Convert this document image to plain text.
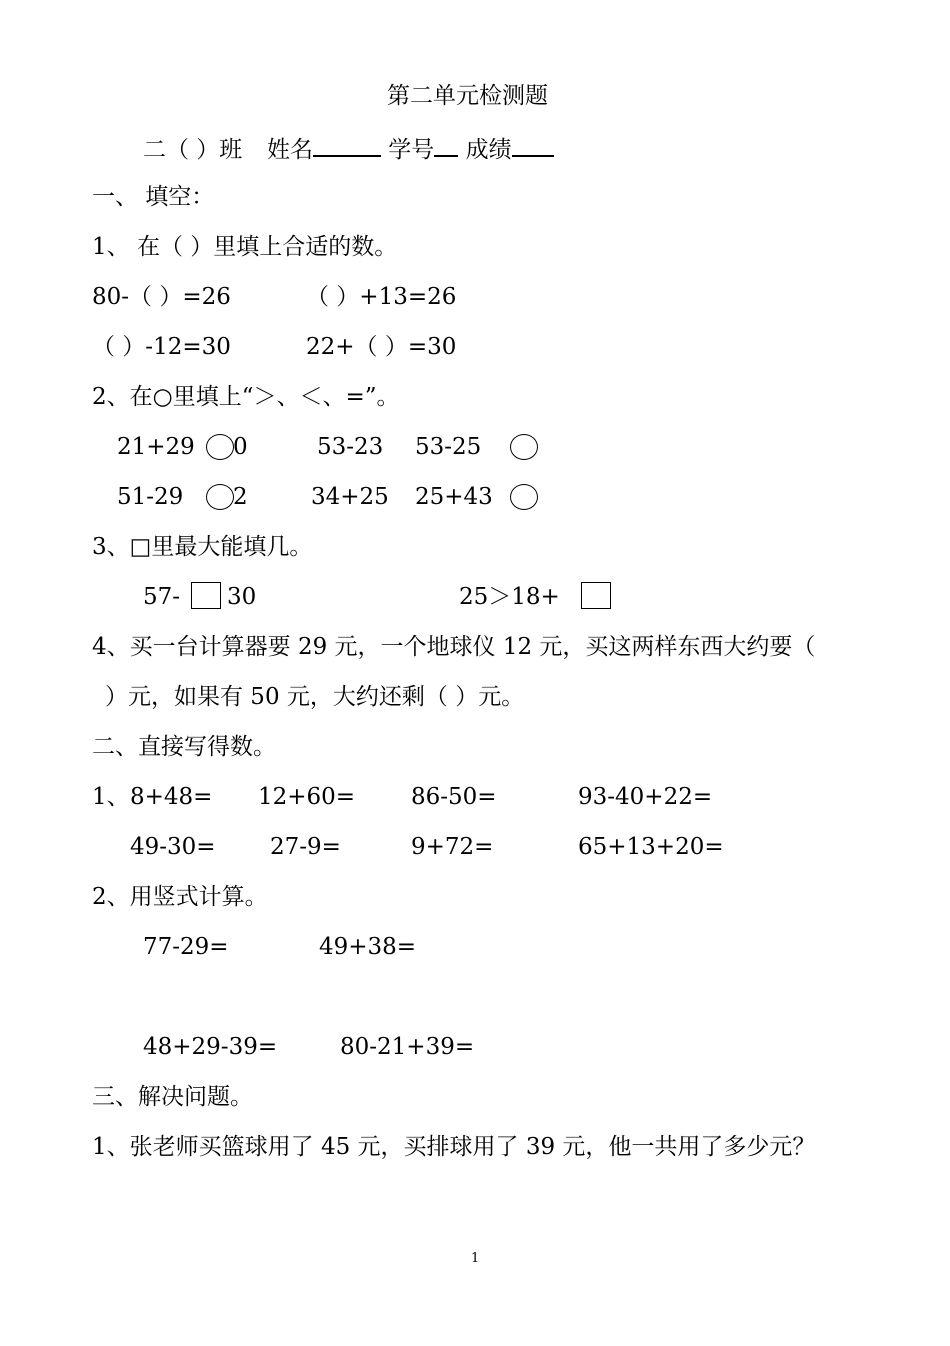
第二单元检测题
二（ ）班 姓名	学号 成绩
一、 填空：
1、 在（ ）里填上合适的数。
80-（ ）=26	（ ）+13=26
（ ）-12=30	22+（ ）=30
2、在○里填上“＞、＜、=”。
21+29 0	53-23 53-25
51-29 2	34+25 25+43
3、□里最大能填几。
57- 30	25＞18+
4、买一台计算器要 29 元，一个地球仪 12 元，买这两样东西大约要（
）元，如果有 50 元，大约还剩（ ）元。
二、直接写得数。
1、 8+48= 12+60= 86-50=	93-40+22=
49-30= 27-9=	9+72=	65+13+20=
2、用竖式计算。
77-29=	49+38=
48+29-39=	80-21+39=
三、解决问题。
1、张老师买篮球用了 45 元，买排球用了 39 元，他一共用了多少元？
1
